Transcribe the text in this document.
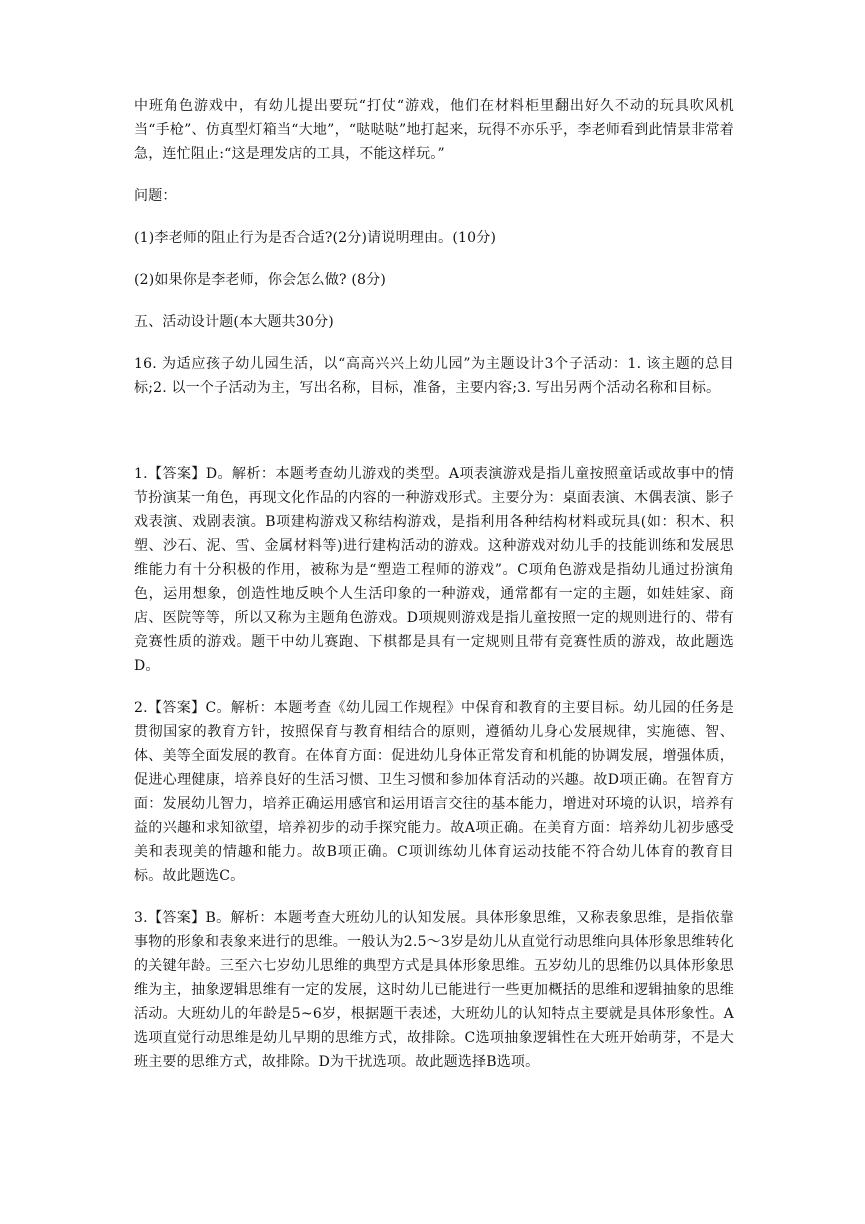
中班角色游戏中，有幼儿提出要玩“打仗“游戏，他们在材料柜里翻出好久不动的玩具吹风机当“手枪”、仿真型灯箱当“大地”，“哒哒哒”地打起来，玩得不亦乐乎，李老师看到此情景非常着急，连忙阻止:“这是理发店的工具，不能这样玩。”

问题：

(1)李老师的阻止行为是否合适?(2分)请说明理由。(10分)

(2)如果你是李老师，你会怎么做? (8分)

五、活动设计题(本大题共30分)

16. 为适应孩子幼儿园生活，以“高高兴兴上幼儿园”为主题设计3个子活动：1. 该主题的总目标;2. 以一个子活动为主，写出名称，目标，准备，主要内容;3. 写出另两个活动名称和目标。

1.【答案】D。解析：本题考查幼儿游戏的类型。A项表演游戏是指儿童按照童话或故事中的情节扮演某一角色，再现文化作品的内容的一种游戏形式。主要分为：桌面表演、木偶表演、影子戏表演、戏剧表演。B项建构游戏又称结构游戏，是指利用各种结构材料或玩具(如：积木、积塑、沙石、泥、雪、金属材料等)进行建构活动的游戏。这种游戏对幼儿手的技能训练和发展思维能力有十分积极的作用，被称为是“塑造工程师的游戏”。C项角色游戏是指幼儿通过扮演角色，运用想象，创造性地反映个人生活印象的一种游戏，通常都有一定的主题，如娃娃家、商店、医院等等，所以又称为主题角色游戏。D项规则游戏是指儿童按照一定的规则进行的、带有竞赛性质的游戏。题干中幼儿赛跑、下棋都是具有一定规则且带有竞赛性质的游戏，故此题选D。

2.【答案】C。解析：本题考查《幼儿园工作规程》中保育和教育的主要目标。幼儿园的任务是贯彻国家的教育方针，按照保育与教育相结合的原则，遵循幼儿身心发展规律，实施德、智、体、美等全面发展的教育。在体育方面：促进幼儿身体正常发育和机能的协调发展，增强体质，促进心理健康，培养良好的生活习惯、卫生习惯和参加体育活动的兴趣。故D项正确。在智育方面：发展幼儿智力，培养正确运用感官和运用语言交往的基本能力，增进对环境的认识，培养有益的兴趣和求知欲望，培养初步的动手探究能力。故A项正确。在美育方面：培养幼儿初步感受美和表现美的情趣和能力。故B项正确。C项训练幼儿体育运动技能不符合幼儿体育的教育目标。故此题选C。

3.【答案】B。解析：本题考查大班幼儿的认知发展。具体形象思维，又称表象思维，是指依靠事物的形象和表象来进行的思维。一般认为2.5～3岁是幼儿从直觉行动思维向具体形象思维转化的关键年龄。三至六七岁幼儿思维的典型方式是具体形象思维。五岁幼儿的思维仍以具体形象思维为主，抽象逻辑思维有一定的发展，这时幼儿已能进行一些更加概括的思维和逻辑抽象的思维活动。大班幼儿的年龄是5~6岁，根据题干表述，大班幼儿的认知特点主要就是具体形象性。A选项直觉行动思维是幼儿早期的思维方式，故排除。C选项抽象逻辑性在大班开始萌芽，不是大班主要的思维方式，故排除。D为干扰选项。故此题选择B选项。
